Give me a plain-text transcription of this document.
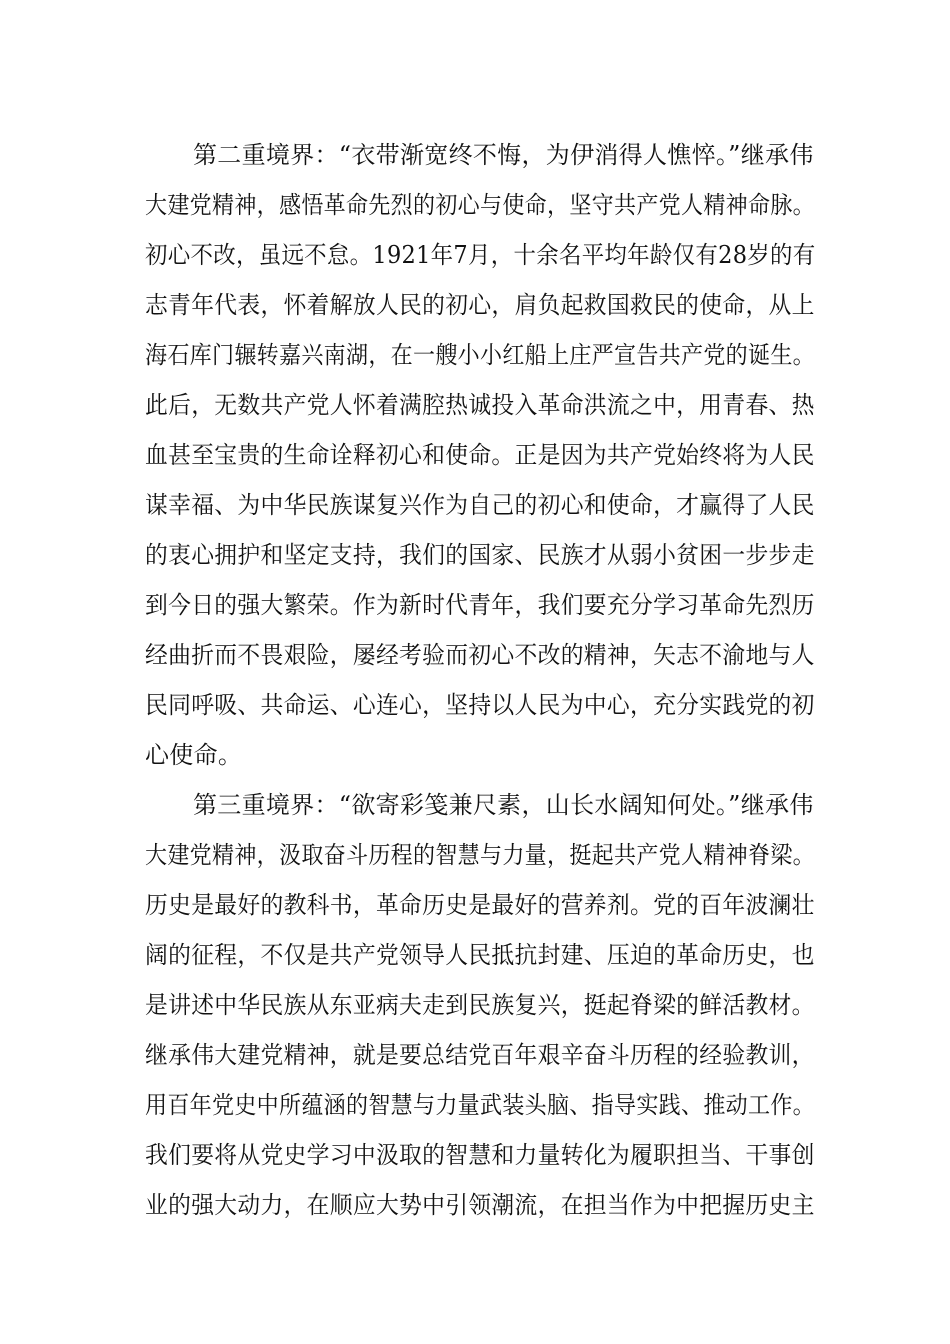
第二重境界：“衣带渐宽终不悔，为伊消得人憔悴。”继承伟
大建党精神，感悟革命先烈的初心与使命，坚守共产党人精神命脉。
初心不改，虽远不怠。1921年7月，十余名平均年龄仅有28岁的有
志青年代表，怀着解放人民的初心，肩负起救国救民的使命，从上
海石库门辗转嘉兴南湖，在一艘小小红船上庄严宣告共产党的诞生。
此后，无数共产党人怀着满腔热诚投入革命洪流之中，用青春、热
血甚至宝贵的生命诠释初心和使命。正是因为共产党始终将为人民
谋幸福、为中华民族谋复兴作为自己的初心和使命，才赢得了人民
的衷心拥护和坚定支持，我们的国家、民族才从弱小贫困一步步走
到今日的强大繁荣。作为新时代青年，我们要充分学习革命先烈历
经曲折而不畏艰险，屡经考验而初心不改的精神，矢志不渝地与人
民同呼吸、共命运、心连心，坚持以人民为中心，充分实践党的初
心使命。
第三重境界：“欲寄彩笺兼尺素，山长水阔知何处。”继承伟
大建党精神，汲取奋斗历程的智慧与力量，挺起共产党人精神脊梁。
历史是最好的教科书，革命历史是最好的营养剂。党的百年波澜壮
阔的征程，不仅是共产党领导人民抵抗封建、压迫的革命历史，也
是讲述中华民族从东亚病夫走到民族复兴，挺起脊梁的鲜活教材。
继承伟大建党精神，就是要总结党百年艰辛奋斗历程的经验教训，
用百年党史中所蕴涵的智慧与力量武装头脑、指导实践、推动工作。
我们要将从党史学习中汲取的智慧和力量转化为履职担当、干事创
业的强大动力，在顺应大势中引领潮流，在担当作为中把握历史主
